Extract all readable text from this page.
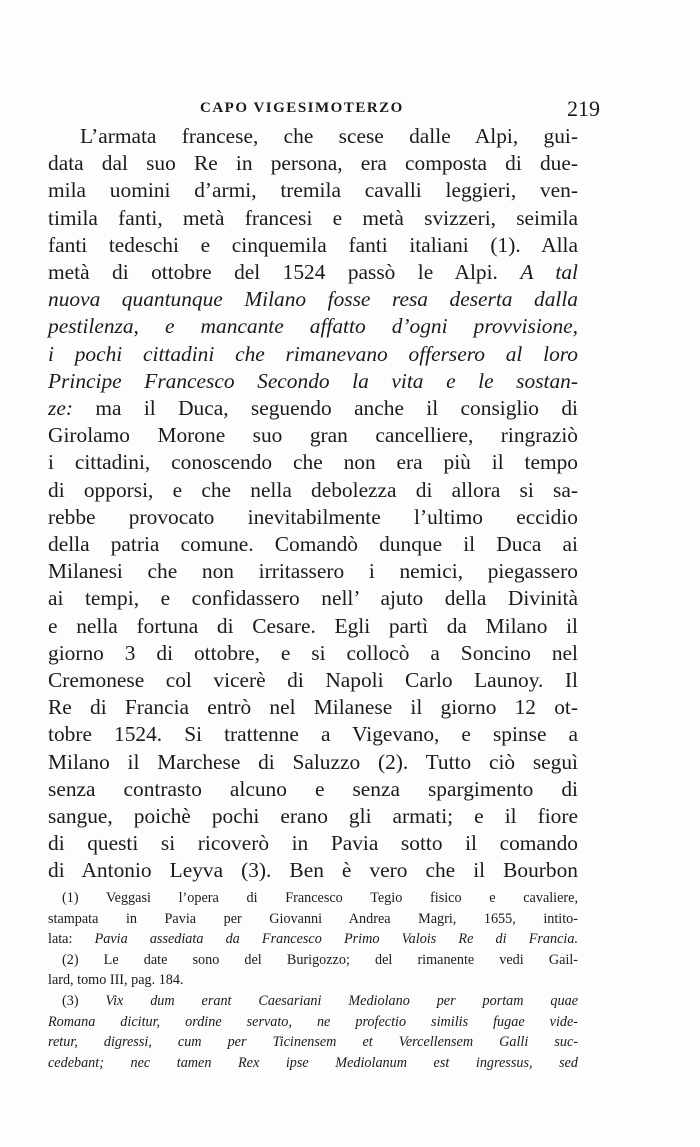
CAPO VIGESIMOTERZO	219
L’armata francese, che scese dalle Alpi, gui-
data dal suo Re in persona, era composta di due-
mila uomini d’armi, tremila cavalli leggieri, ven-
timila fanti, metà francesi e metà svizzeri, seimila
fanti tedeschi e cinquemila fanti italiani (1). Alla
metà di ottobre del 1524 passò le Alpi. A tal
nuova quantunque Milano fosse resa deserta dalla
pestilenza, e mancante affatto d’ogni provvisione,
i pochi cittadini che rimanevano offersero al loro
Principe Francesco Secondo la vita e le sostan-
ze: ma il Duca, seguendo anche il consiglio di
Girolamo Morone suo gran cancelliere, ringraziò
i cittadini, conoscendo che non era più il tempo
di opporsi, e che nella debolezza di allora si sa-
rebbe provocato inevitabilmente l’ultimo eccidio
della patria comune. Comandò dunque il Duca ai
Milanesi che non irritassero i nemici, piegassero
ai tempi, e confidassero nell’ ajuto della Divinità
e nella fortuna di Cesare. Egli partì da Milano il
giorno 3 di ottobre, e si collocò a Soncino nel
Cremonese col vicerè di Napoli Carlo Launoy. Il
Re di Francia entrò nel Milanese il giorno 12 ot-
tobre 1524. Si trattenne a Vigevano, e spinse a
Milano il Marchese di Saluzzo (2). Tutto ciò seguì
senza contrasto alcuno e senza spargimento di
sangue, poichè pochi erano gli armati; e il fiore
di questi si ricoverò in Pavia sotto il comando
di Antonio Leyva (3). Ben è vero che il Bourbon
(1) Veggasi l’opera di Francesco Tegio fisico e cavaliere,
stampata in Pavia per Giovanni Andrea Magri, 1655, intito-
lata: Pavia assediata da Francesco Primo Valois Re di Francia.
(2) Le date sono del Burigozzo; del rimanente vedi Gail-
lard, tomo III, pag. 184.
(3) Vix dum erant Caesariani Mediolano per portam quae
Romana dicitur, ordine servato, ne profectio similis fugae vide-
retur, digressi, cum per Ticinensem et Vercellensem Galli suc-
cedebant; nec tamen Rex ipse Mediolanum est ingressus, sed
